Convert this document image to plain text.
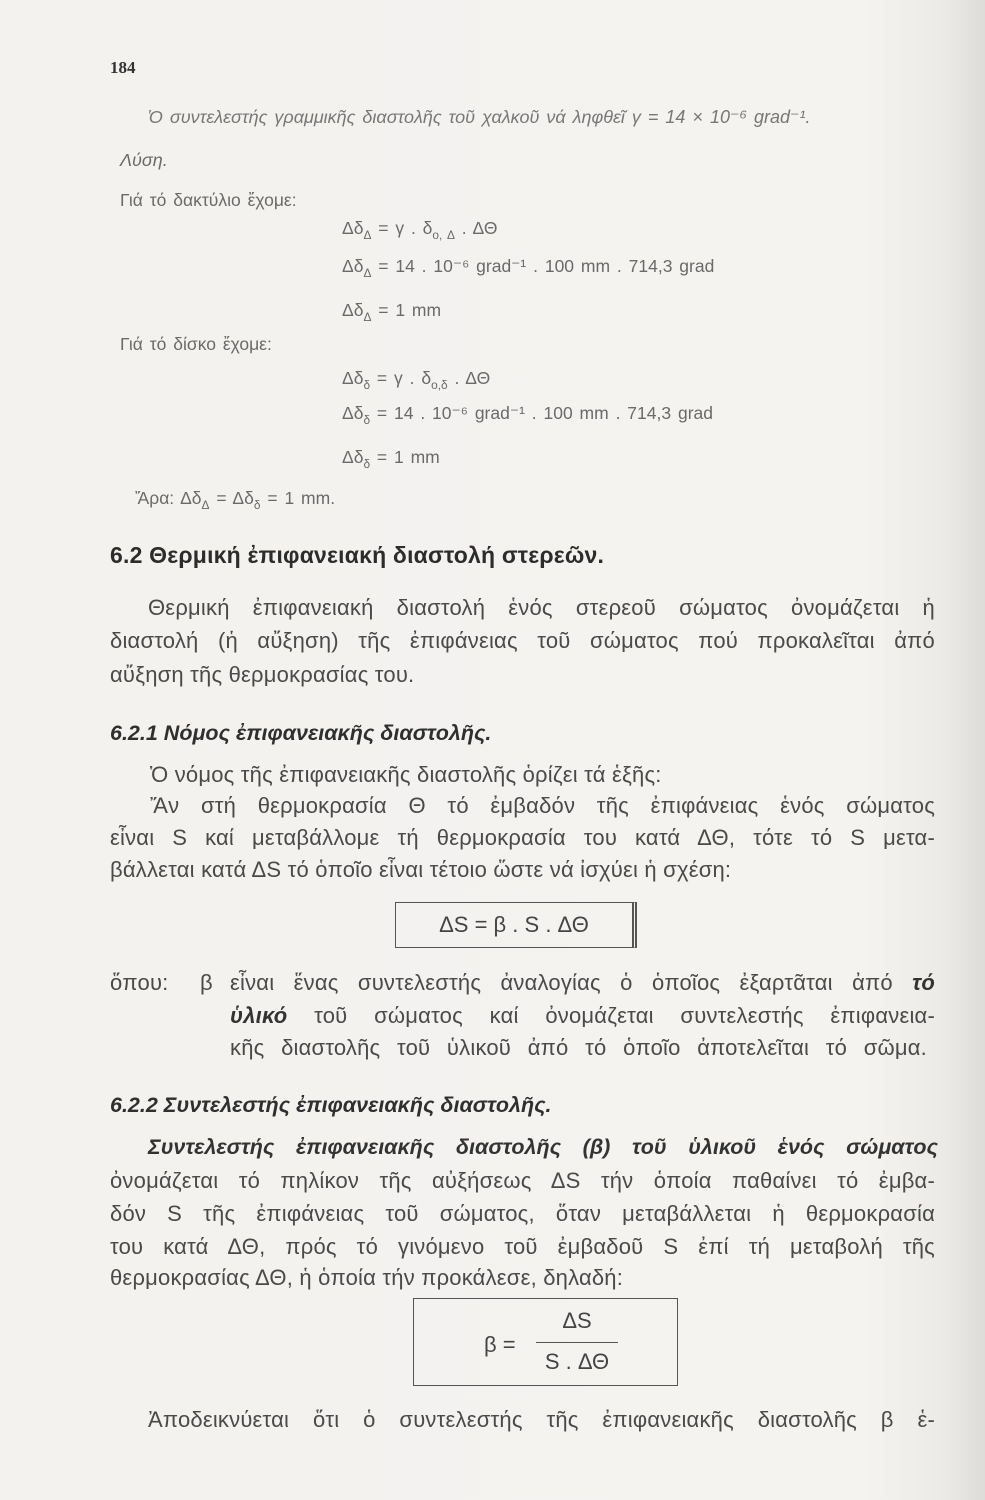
184
Ὁ συντελεστής γραμμικῆς διαστολῆς τοῦ χαλκοῦ νά ληφθεῖ γ = 14 × 10⁻⁶ grad⁻¹.
Λύση.
Γιά τό δακτύλιο ἔχομε:
$\Delta\delta_\Delta = \gamma$ . $\delta_{o, \Delta}$ . ΔΘ
$\Delta\delta_\Delta = 14$ . 10⁻⁶ grad⁻¹ . 100 mm . 714,3 grad
$\Delta\delta_\Delta = 1$ mm
Γιά τό δίσκο ἔχομε:
$\Delta\delta_\delta = \gamma$ . $\delta_{o,\delta}$ . ΔΘ
$\Delta\delta_\delta = 14$ . 10⁻⁶ grad⁻¹ . 100 mm . 714,3 grad
$\Delta\delta_\delta = 1$ mm
Ἄρα: $\Delta\delta_\Delta = \Delta\delta_\delta = 1$ mm.
6.2 Θερμική ἐπιφανειακή διαστολή στερεῶν.
Θερμική ἐπιφανειακή διαστολή ἑνός στερεοῦ σώματος ὀνομάζεται ἡ
διαστολή (ἡ αὔξηση) τῆς ἐπιφάνειας τοῦ σώματος πού προκαλεῖται ἀπό
αὔξηση τῆς θερμοκρασίας του.
6.2.1 Νόμος ἐπιφανειακῆς διαστολῆς.
Ὁ νόμος τῆς ἐπιφανειακῆς διαστολῆς ὁρίζει τά ἑξῆς:
Ἄν στή θερμοκρασία Θ τό ἐμβαδόν τῆς ἐπιφάνειας ἑνός σώματος
εἶναι S καί μεταβάλλομε τή θερμοκρασία του κατά ΔΘ, τότε τό S μετα-
βάλλεται κατά ΔS τό ὁποῖο εἶναι τέτοιο ὥστε νά ἰσχύει ἡ σχέση:
ΔS = β . S . ΔΘ
ὅπου: β εἶναι ἕνας συντελεστής ἀναλογίας ὁ ὁποῖος ἐξαρτᾶται ἀπό τό
ὑλικό τοῦ σώματος καί ὀνομάζεται συντελεστής ἐπιφανεια-
κῆς διαστολῆς τοῦ ὑλικοῦ ἀπό τό ὁποῖο ἀποτελεῖται τό σῶμα.
6.2.2 Συντελεστής ἐπιφανειακῆς διαστολῆς.
Συντελεστής ἐπιφανειακῆς διαστολῆς (β) τοῦ ὑλικοῦ ἑνός σώματος
ὀνομάζεται τό πηλίκον τῆς αὐξήσεως ΔS τήν ὁποία παθαίνει τό ἐμβα-
δόν S τῆς ἐπιφάνειας τοῦ σώματος, ὅταν μεταβάλλεται ἡ θερμοκρασία
του κατά ΔΘ, πρός τό γινόμενο τοῦ ἐμβαδοῦ S ἐπί τή μεταβολή τῆς
θερμοκρασίας ΔΘ, ἡ ὁποία τήν προκάλεσε, δηλαδή:
β =
ΔS
S . ΔΘ
Ἀποδεικνύεται ὅτι ὁ συντελεστής τῆς ἐπιφανειακῆς διαστολῆς β ἑ-
